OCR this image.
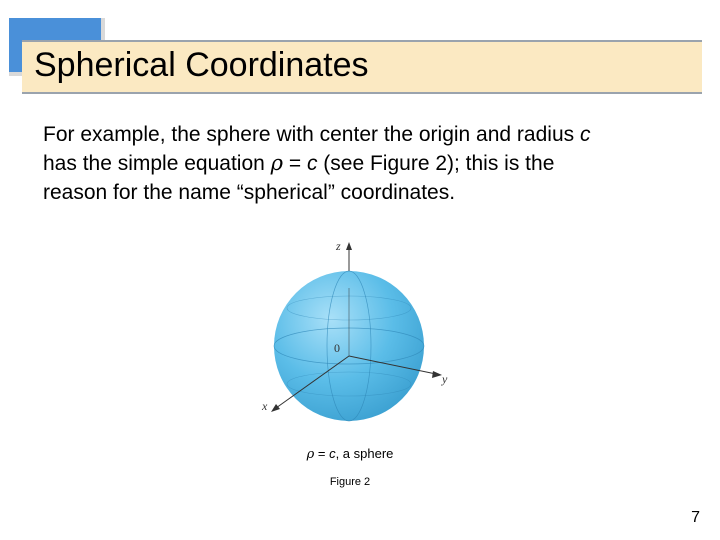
Spherical Coordinates

For example, the sphere with center the origin and radius c

has the simple equation ρ = c (see Figure 2); this is the

reason for the name “spherical” coordinates.

z
y
x
0
ρ = c, a sphere
Figure 2
7
